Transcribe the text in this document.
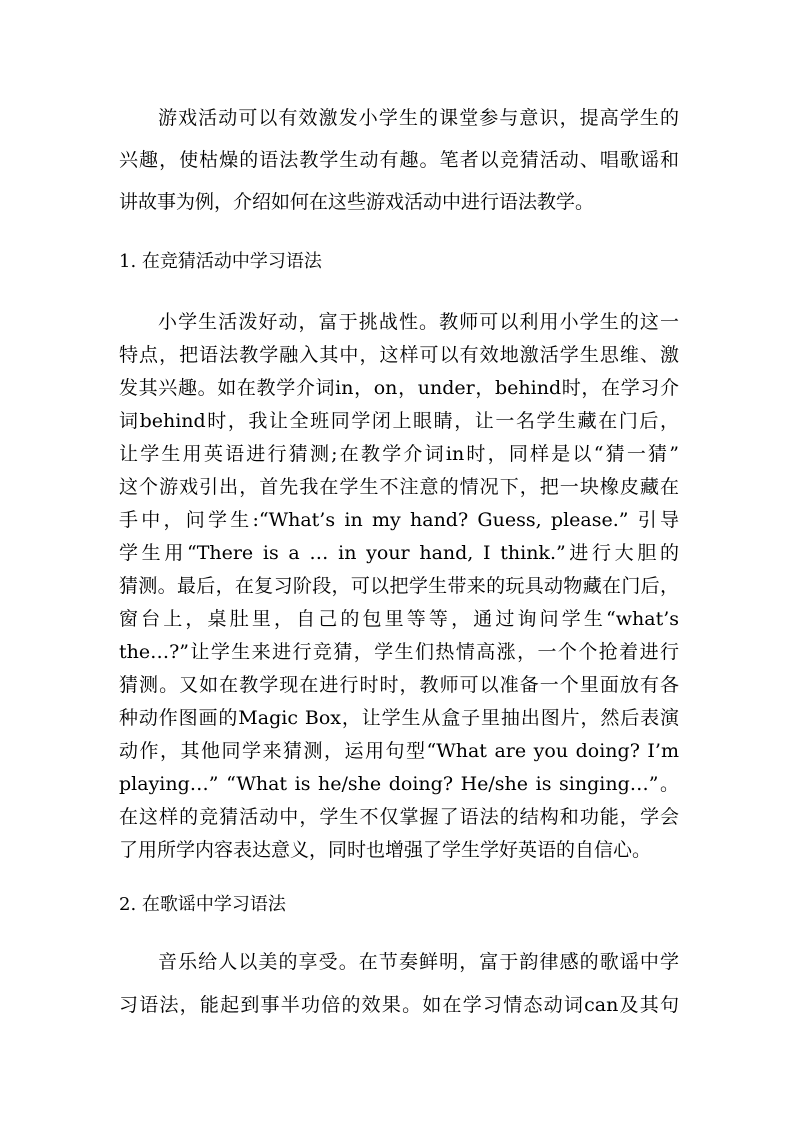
游戏活动可以有效激发小学生的课堂参与意识，提高学生的
兴趣，使枯燥的语法教学生动有趣。笔者以竞猜活动、唱歌谣和
讲故事为例，介绍如何在这些游戏活动中进行语法教学。
1. 在竞猜活动中学习语法
小学生活泼好动，富于挑战性。教师可以利用小学生的这一
特点，把语法教学融入其中，这样可以有效地激活学生思维、激
发其兴趣。如在教学介词in，on，under，behind时，在学习介
词behind时，我让全班同学闭上眼睛，让一名学生藏在门后，
让学生用英语进行猜测;在教学介词in时，同样是以“猜一猜”
这个游戏引出，首先我在学生不注意的情况下，把一块橡皮藏在
手中，问学生:“What’s in my hand? Guess, please.” 引导
学生用“There is a … in your hand, I think.”进行大胆的
猜测。最后，在复习阶段，可以把学生带来的玩具动物藏在门后，
窗台上，桌肚里，自己的包里等等，通过询问学生“what’s
the…?”让学生来进行竞猜，学生们热情高涨，一个个抢着进行
猜测。又如在教学现在进行时时，教师可以准备一个里面放有各
种动作图画的Magic Box，让学生从盒子里抽出图片，然后表演
动作，其他同学来猜测，运用句型“What are you doing? I’m
playing…” “What is he/she doing? He/she is singing…”。
在这样的竞猜活动中，学生不仅掌握了语法的结构和功能，学会
了用所学内容表达意义，同时也增强了学生学好英语的自信心。
2. 在歌谣中学习语法
音乐给人以美的享受。在节奏鲜明，富于韵律感的歌谣中学
习语法，能起到事半功倍的效果。如在学习情态动词can及其句
